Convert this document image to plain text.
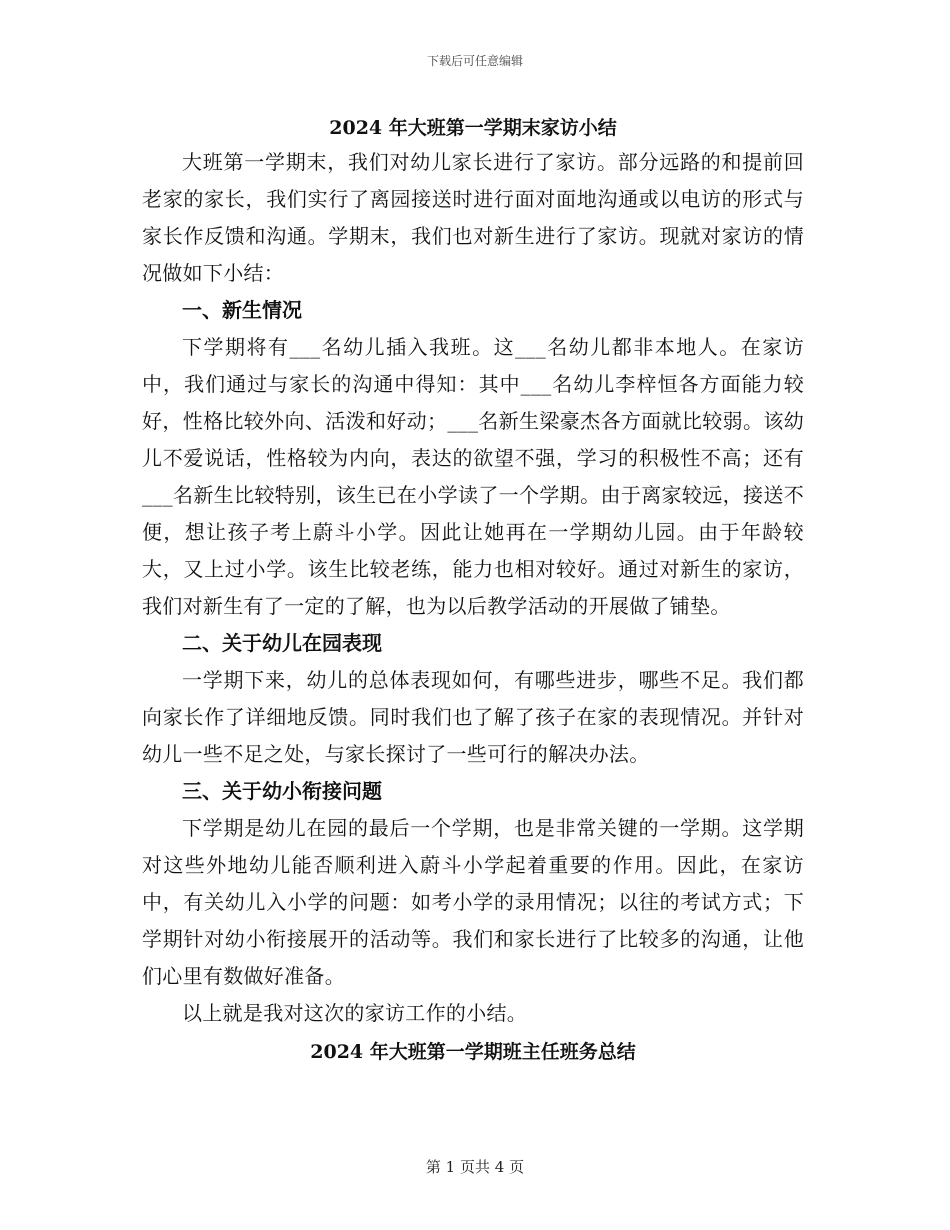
下载后可任意编辑
2024 年大班第一学期末家访小结

大班第一学期末，我们对幼儿家长进行了家访。部分远路的和提前回老家的家长，我们实行了离园接送时进行面对面地沟通或以电访的形式与家长作反馈和沟通。学期末，我们也对新生进行了家访。现就对家访的情况做如下小结：

一、新生情况

下学期将有___名幼儿插入我班。这___名幼儿都非本地人。在家访中，我们通过与家长的沟通中得知：其中___名幼儿李梓恒各方面能力较好，性格比较外向、活泼和好动；___名新生梁豪杰各方面就比较弱。该幼儿不爱说话，性格较为内向，表达的欲望不强，学习的积极性不高；还有___名新生比较特别，该生已在小学读了一个学期。由于离家较远，接送不便，想让孩子考上蔚斗小学。因此让她再在一学期幼儿园。由于年龄较大，又上过小学。该生比较老练，能力也相对较好。通过对新生的家访，我们对新生有了一定的了解，也为以后教学活动的开展做了铺垫。

二、关于幼儿在园表现

一学期下来，幼儿的总体表现如何，有哪些进步，哪些不足。我们都向家长作了详细地反馈。同时我们也了解了孩子在家的表现情况。并针对幼儿一些不足之处，与家长探讨了一些可行的解决办法。

三、关于幼小衔接问题

下学期是幼儿在园的最后一个学期，也是非常关键的一学期。这学期对这些外地幼儿能否顺利进入蔚斗小学起着重要的作用。因此，在家访中，有关幼儿入小学的问题：如考小学的录用情况；以往的考试方式；下学期针对幼小衔接展开的活动等。我们和家长进行了比较多的沟通，让他们心里有数做好准备。

以上就是我对这次的家访工作的小结。

2024 年大班第一学期班主任班务总结
第 1 页共 4 页
